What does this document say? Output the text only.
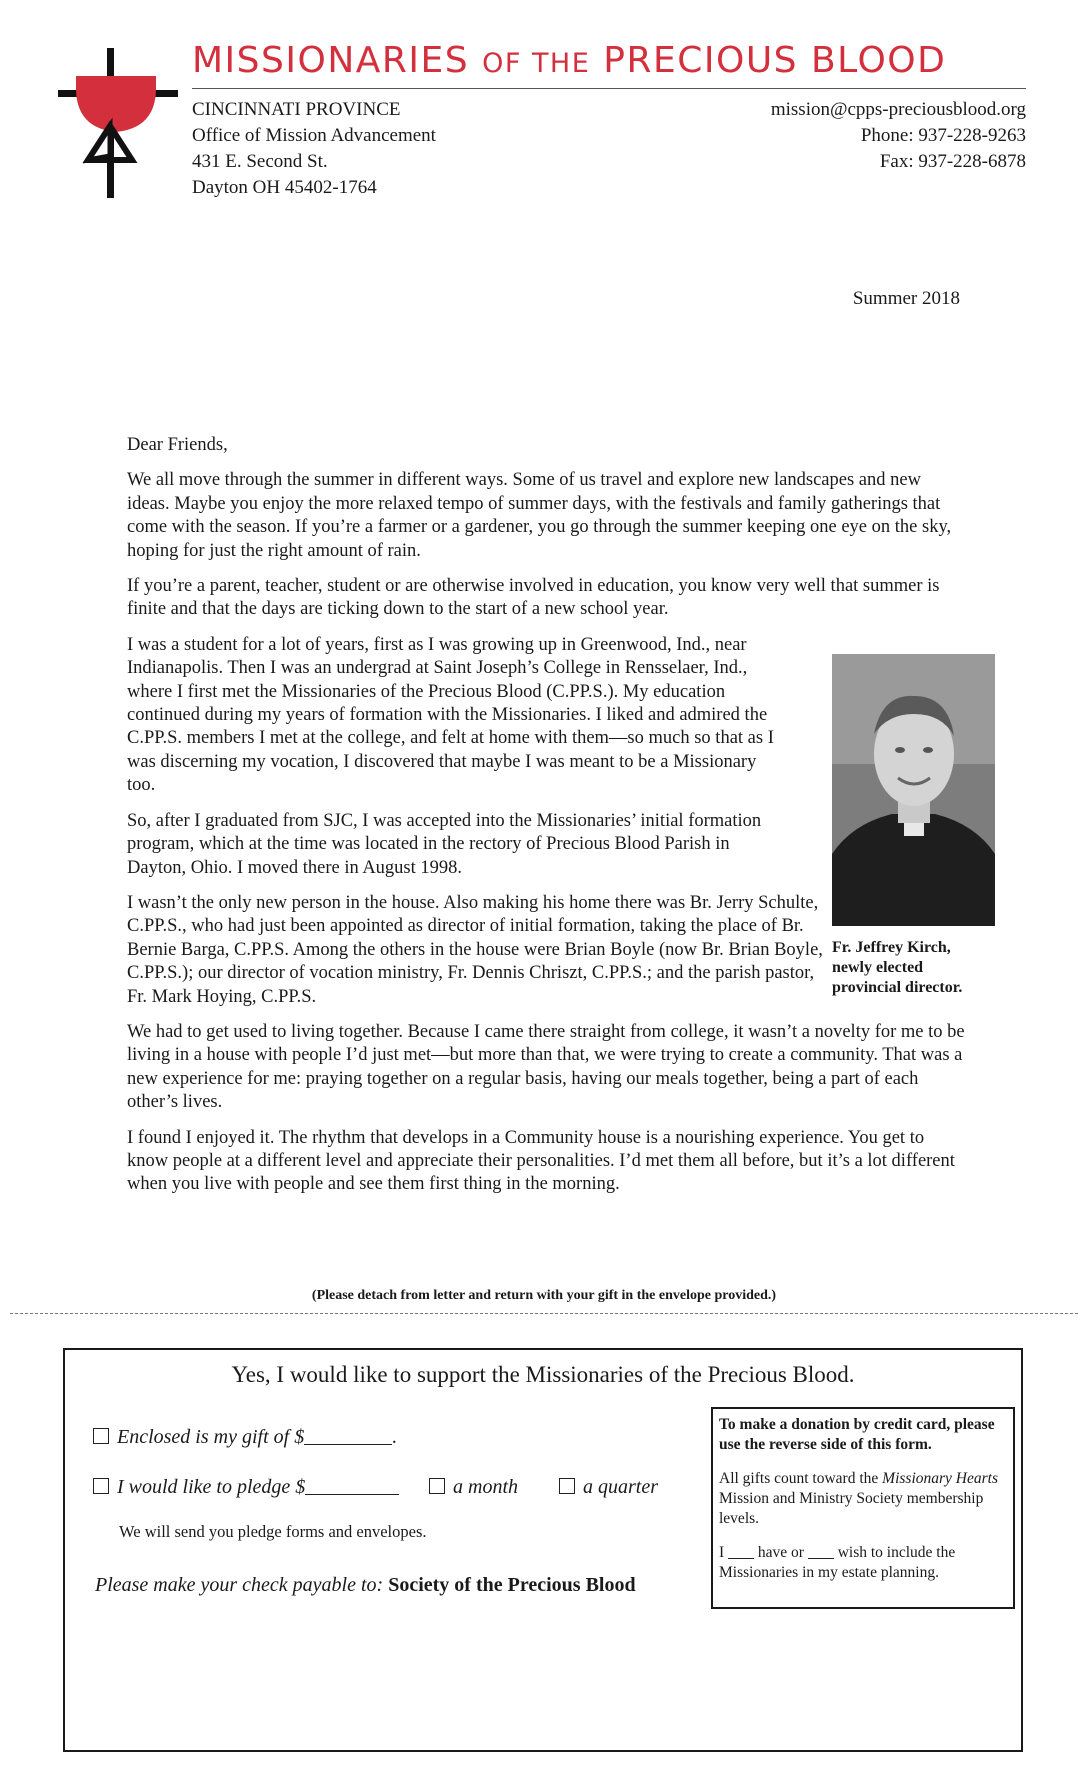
MISSIONARIES OF THE PRECIOUS BLOOD
CINCINNATI PROVINCE
Office of Mission Advancement
431 E. Second St.
Dayton OH 45402-1764
mission@cpps-preciousblood.org
Phone: 937-228-9263
Fax: 937-228-6878
Summer 2018

Dear Friends,

We all move through the summer in different ways. Some of us travel and explore new landscapes and new ideas. Maybe you enjoy the more relaxed tempo of summer days, with the festivals and family gatherings that come with the season. If you’re a farmer or a gardener, you go through the summer keeping one eye on the sky, hoping for just the right amount of rain.

If you’re a parent, teacher, student or are otherwise involved in education, you know very well that summer is finite and that the days are ticking down to the start of a new school year.

I was a student for a lot of years, first as I was growing up in Greenwood, Ind., near Indianapolis. Then I was an undergrad at Saint Joseph’s College in Rensselaer, Ind., where I first met the Missionaries of the Precious Blood (C.PP.S.). My education continued during my years of formation with the Missionaries. I liked and admired the C.PP.S. members I met at the college, and felt at home with them—so much so that as I was discerning my vocation, I discovered that maybe I was meant to be a Missionary too.

So, after I graduated from SJC, I was accepted into the Missionaries’ initial formation program, which at the time was located in the rectory of Precious Blood Parish in Dayton, Ohio. I moved there in August 1998.

I wasn’t the only new person in the house. Also making his home there was Br. Jerry Schulte, C.PP.S., who had just been appointed as director of initial formation, taking the place of Br. Bernie Barga, C.PP.S. Among the others in the house were Brian Boyle (now Br. Brian Boyle, C.PP.S.); our director of vocation ministry, Fr. Dennis Chriszt, C.PP.S.; and the parish pastor, Fr. Mark Hoying, C.PP.S.

We had to get used to living together. Because I came there straight from college, it wasn’t a novelty for me to be living in a house with people I’d just met—but more than that, we were trying to create a community. That was a new experience for me: praying together on a regular basis, having our meals together, being a part of each other’s lives.

I found I enjoyed it. The rhythm that develops in a Community house is a nourishing experience. You get to know people at a different level and appreciate their personalities. I’d met them all before, but it’s a lot different when you live with people and see them first thing in the morning.

Fr. Jeffrey Kirch,
newly elected
provincial director.
(Please detach from letter and return with your gift in the envelope provided.)
Yes, I would like to support the Missionaries of the Precious Blood.
Enclosed is my gift of $	.
I would like to pledge $	a month	a quarter
We will send you pledge forms and envelopes.
Please make your check payable to: Society of the Precious Blood

To make a donation by credit card, please use the reverse side of this form.

All gifts count toward the Missionary Hearts Mission and Ministry Society membership levels.

I have or wish to include the Missionaries in my estate planning.
